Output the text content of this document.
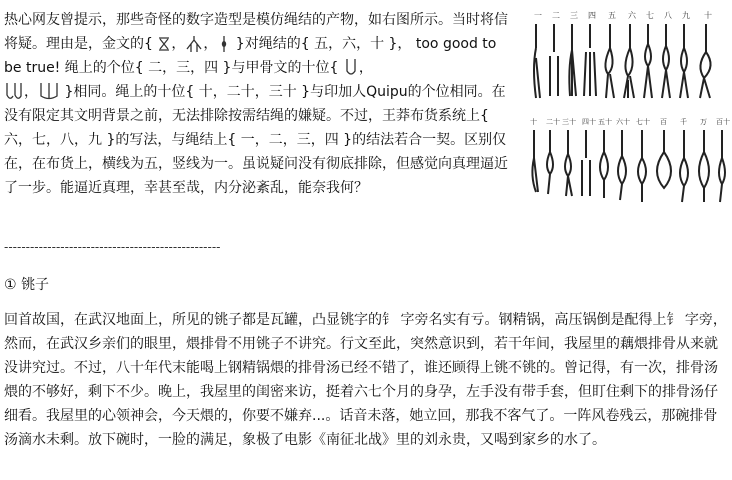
热心网友曾提示，那些奇怪的数字造型是模仿绳结的产物，如右图所示。当时将信将疑。理由是，金文的{ ， ， }对绳结的{ 五，六，十 }， too good to be true! 绳上的个位{ 二，三，四 }与甲骨文的十位{ ，
， }相同。绳上的十位{ 十，二十，三十 }与印加人Quipu的个位相同。在没有限定其文明背景之前，无法排除按需结绳的嫌疑。不过，王莽布货系统上{ 六，七，八，九 }的写法，与绳结上{ 一，二，三，四 }的结法若合一契。区别仅在，在布货上，横线为五，竖线为一。虽说疑问没有彻底排除，但感觉向真理逼近了一步。能逼近真理，幸甚至哉，内分泌紊乱，能奈我何？

一 二 三 四 五 六 七 八 九 十
十 二十 三十 四十 五十 六十 七十 百 千 万 百十
--------------------------------------------------
① 铫子

回首故国，在武汉地面上，所见的铫子都是瓦罐，凸显铫字的钅 字旁名实有亏。钢精锅，高压锅倒是配得上钅 字旁，然而，在武汉乡亲们的眼里，煨排骨不用铫子不讲究。行文至此，突然意识到，若干年间，我屋里的藕煨排骨从来就没讲究过。不过，八十年代末能喝上钢精锅煨的排骨汤已经不错了，谁还顾得上铫不铫的。曾记得，有一次，排骨汤煨的不够好，剩下不少。晚上，我屋里的闺密来访，挺着六七个月的身孕，左手没有带手套，但盯住剩下的排骨汤仔细看。我屋里的心领神会，今天煨的，你要不嫌弃...。话音未落，她立回，那我不客气了。一阵风卷残云，那碗排骨汤滴水未剩。放下碗时，一脸的满足，象极了电影《南征北战》里的刘永贵，又喝到家乡的水了。
